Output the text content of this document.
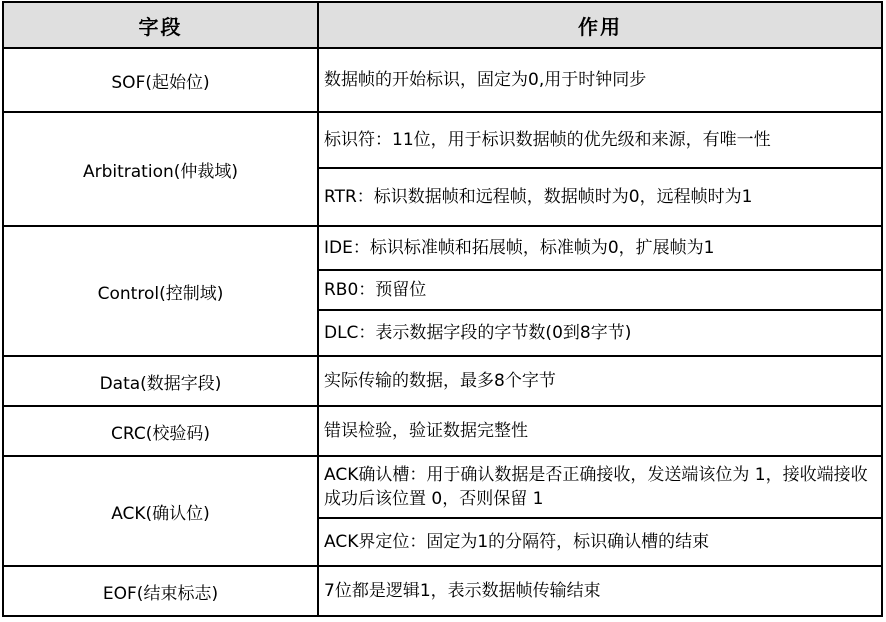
字段	作用
SOF(起始位)	数据帧的开始标识，固定为0,用于时钟同步

Arbitration(仲裁域)	标识符：11位，用于标识数据帧的优先级和来源，有唯一性
RTR：标识数据帧和远程帧，数据帧时为0，远程帧时为1

Control(控制域)	IDE：标识标准帧和拓展帧，标准帧为0，扩展帧为1
RB0：预留位
DLC：表示数据字段的字节数(0到8字节)

Data(数据字段)	实际传输的数据，最多8个字节

CRC(校验码)	错误检验，验证数据完整性

ACK(确认位)	ACK确认槽：用于确认数据是否正确接收，发送端该位为 1，接收端接收成功后该位置 0，否则保留 1
ACK界定位：固定为1的分隔符，标识确认槽的结束

EOF(结束标志)	7位都是逻辑1，表示数据帧传输结束
